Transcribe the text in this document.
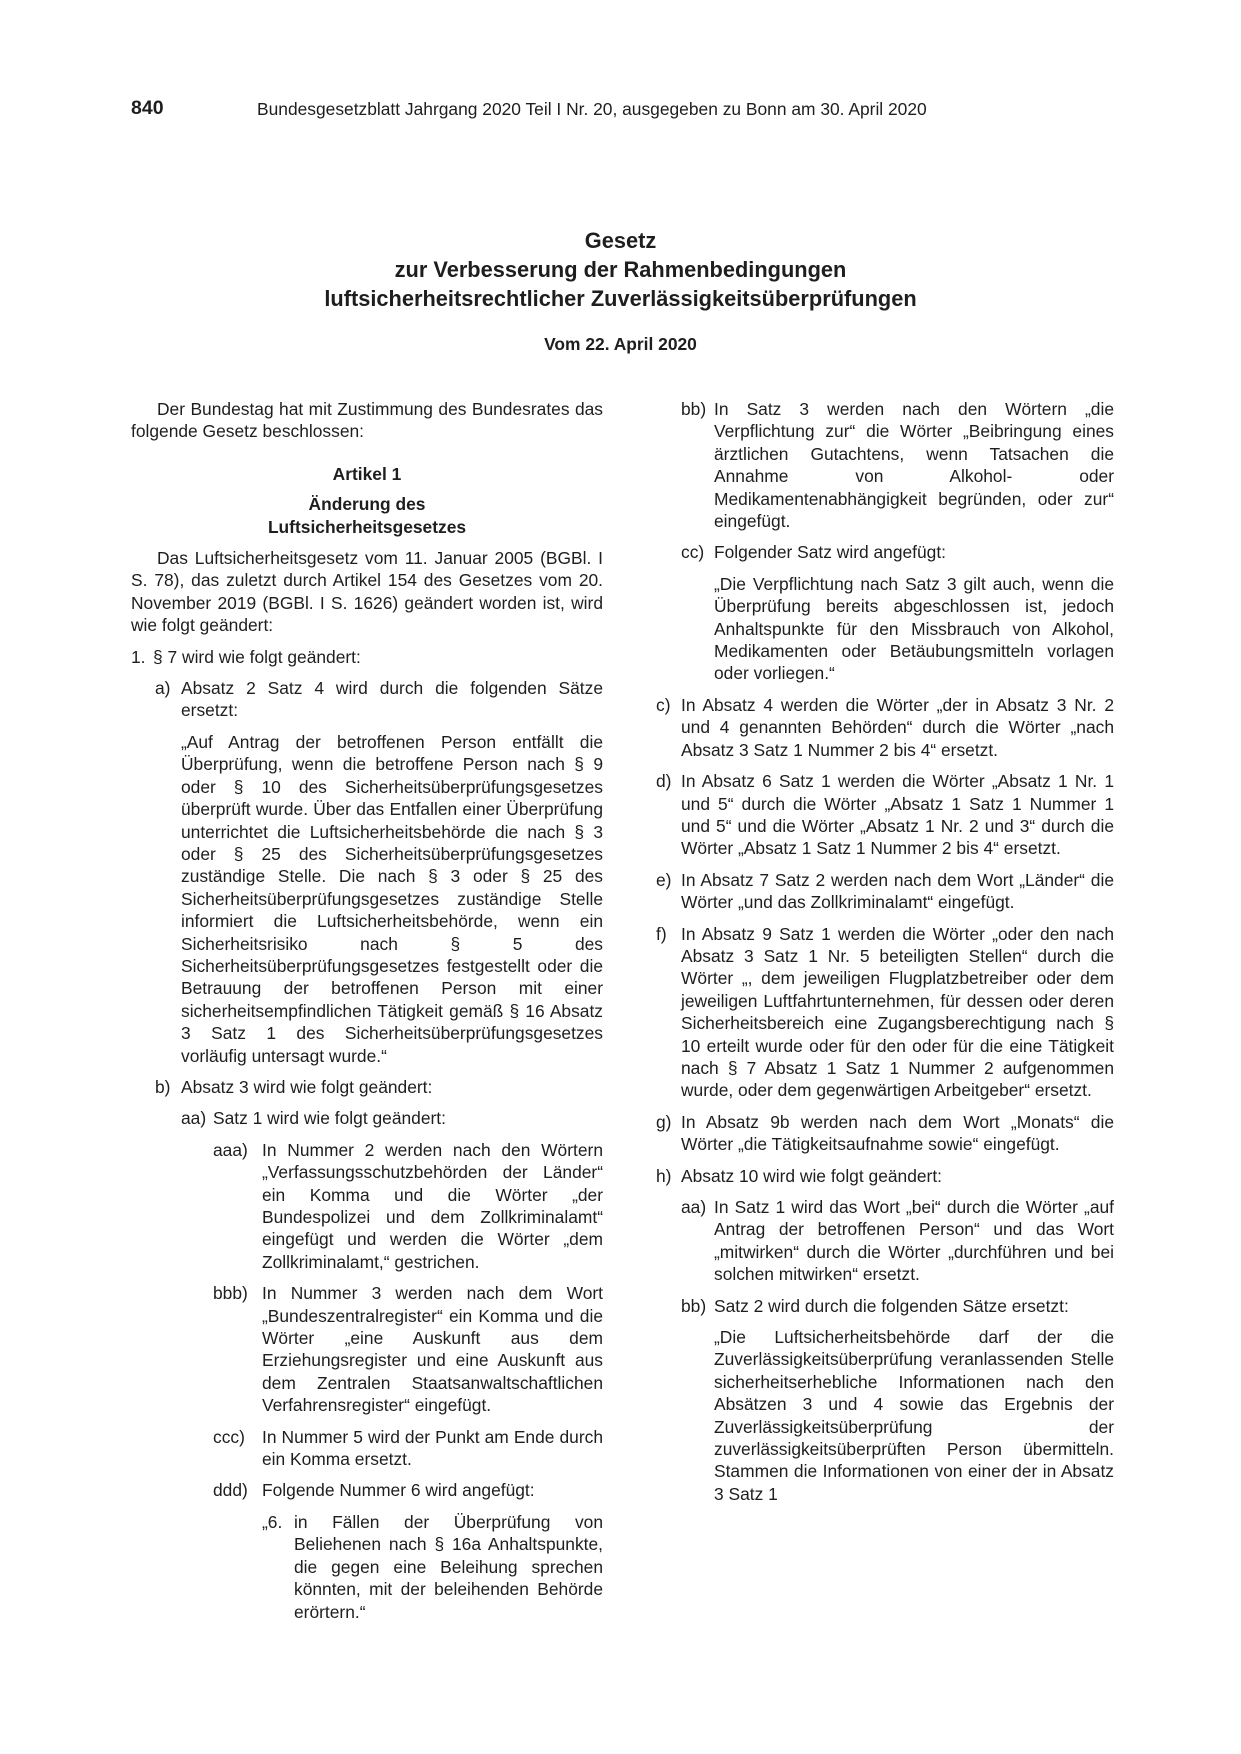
840	Bundesgesetzblatt Jahrgang 2020 Teil I Nr. 20, ausgegeben zu Bonn am 30. April 2020
Gesetz
zur Verbesserung der Rahmenbedingungen
luftsicherheitsrechtlicher Zuverlässigkeitsüberprüfungen
Vom 22. April 2020

Der Bundestag hat mit Zustimmung des Bundesrates das folgende Gesetz beschlossen:

Artikel 1

Änderung des

Luftsicherheitsgesetzes

Das Luftsicherheitsgesetz vom 11. Januar 2005 (BGBl. I S. 78), das zuletzt durch Artikel 154 des Gesetzes vom 20. November 2019 (BGBl. I S. 1626) geändert worden ist, wird wie folgt geändert:

1. § 7 wird wie folgt geändert:

a) Absatz 2 Satz 4 wird durch die folgenden Sätze ersetzt:

„Auf Antrag der betroffenen Person entfällt die Überprüfung, wenn die betroffene Person nach § 9 oder § 10 des Sicherheitsüberprüfungsgesetzes überprüft wurde. Über das Entfallen einer Überprüfung unterrichtet die Luftsicherheitsbehörde die nach § 3 oder § 25 des Sicherheitsüberprüfungsgesetzes zuständige Stelle. Die nach § 3 oder § 25 des Sicherheitsüberprüfungsgesetzes zuständige Stelle informiert die Luftsicherheitsbehörde, wenn ein Sicherheitsrisiko nach § 5 des Sicherheitsüberprüfungsgesetzes festgestellt oder die Betrauung der betroffenen Person mit einer sicherheitsempfindlichen Tätigkeit gemäß § 16 Absatz 3 Satz 1 des Sicherheitsüberprüfungsgesetzes vorläufig untersagt wurde.“

b) Absatz 3 wird wie folgt geändert:

aa) Satz 1 wird wie folgt geändert:

aaa) In Nummer 2 werden nach den Wörtern „Verfassungsschutzbehörden der Länder“ ein Komma und die Wörter „der Bundespolizei und dem Zollkriminalamt“ eingefügt und werden die Wörter „dem Zollkriminalamt,“ gestrichen.

bbb) In Nummer 3 werden nach dem Wort „Bundeszentralregister“ ein Komma und die Wörter „eine Auskunft aus dem Erziehungsregister und eine Auskunft aus dem Zentralen Staatsanwaltschaftlichen Verfahrensregister“ eingefügt.

ccc) In Nummer 5 wird der Punkt am Ende durch ein Komma ersetzt.

ddd) Folgende Nummer 6 wird angefügt:

„6. in Fällen der Überprüfung von Beliehenen nach § 16a Anhaltspunkte, die gegen eine Beleihung sprechen könnten, mit der beleihenden Behörde erörtern.“

bb) In Satz 3 werden nach den Wörtern „die Verpflichtung zur“ die Wörter „Beibringung eines ärztlichen Gutachtens, wenn Tatsachen die Annahme von Alkohol- oder Medikamentenabhängigkeit begründen, oder zur“ eingefügt.

cc) Folgender Satz wird angefügt:

„Die Verpflichtung nach Satz 3 gilt auch, wenn die Überprüfung bereits abgeschlossen ist, jedoch Anhaltspunkte für den Missbrauch von Alkohol, Medikamenten oder Betäubungsmitteln vorlagen oder vorliegen.“

c) In Absatz 4 werden die Wörter „der in Absatz 3 Nr. 2 und 4 genannten Behörden“ durch die Wörter „nach Absatz 3 Satz 1 Nummer 2 bis 4“ ersetzt.

d) In Absatz 6 Satz 1 werden die Wörter „Absatz 1 Nr. 1 und 5“ durch die Wörter „Absatz 1 Satz 1 Nummer 1 und 5“ und die Wörter „Absatz 1 Nr. 2 und 3“ durch die Wörter „Absatz 1 Satz 1 Nummer 2 bis 4“ ersetzt.

e) In Absatz 7 Satz 2 werden nach dem Wort „Länder“ die Wörter „und das Zollkriminalamt“ eingefügt.

f) In Absatz 9 Satz 1 werden die Wörter „oder den nach Absatz 3 Satz 1 Nr. 5 beteiligten Stellen“ durch die Wörter „, dem jeweiligen Flugplatzbetreiber oder dem jeweiligen Luftfahrtunternehmen, für dessen oder deren Sicherheitsbereich eine Zugangsberechtigung nach § 10 erteilt wurde oder für den oder für die eine Tätigkeit nach § 7 Absatz 1 Satz 1 Nummer 2 aufgenommen wurde, oder dem gegenwärtigen Arbeitgeber“ ersetzt.

g) In Absatz 9b werden nach dem Wort „Monats“ die Wörter „die Tätigkeitsaufnahme sowie“ eingefügt.

h) Absatz 10 wird wie folgt geändert:

aa) In Satz 1 wird das Wort „bei“ durch die Wörter „auf Antrag der betroffenen Person“ und das Wort „mitwirken“ durch die Wörter „durchführen und bei solchen mitwirken“ ersetzt.

bb) Satz 2 wird durch die folgenden Sätze ersetzt:

„Die Luftsicherheitsbehörde darf der die Zuverlässigkeitsüberprüfung veranlassenden Stelle sicherheitserhebliche Informationen nach den Absätzen 3 und 4 sowie das Ergebnis der Zuverlässigkeitsüberprüfung der zuverlässigkeitsüberprüften Person übermitteln. Stammen die Informationen von einer der in Absatz 3 Satz 1
